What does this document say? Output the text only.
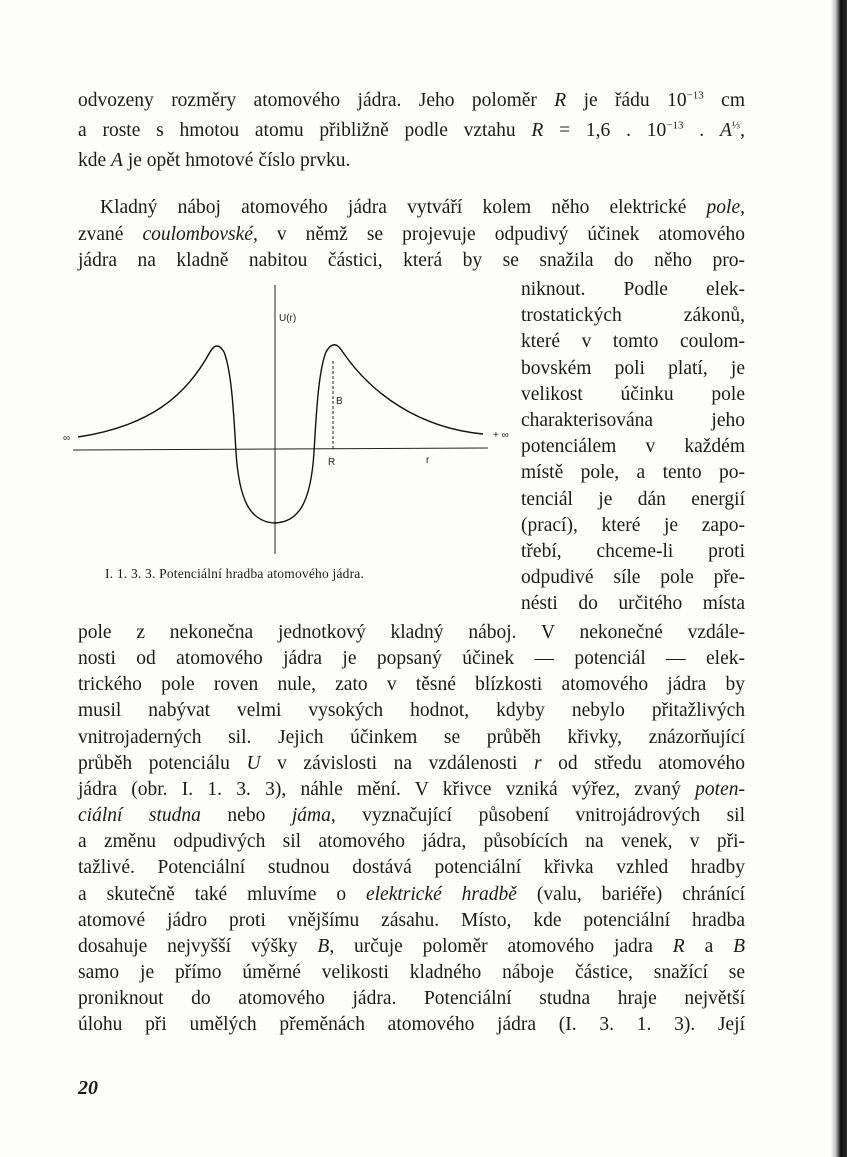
odvozeny rozměry atomového jádra. Jeho poloměr R je řádu $10^{-13}$ cm
a roste s hmotou atomu přibližně podle vztahu R = 1,6 . $10^{-13}$ . $A^{\frac{1}{3}}$,
kde A je opět hmotové číslo prvku.
Kladný náboj atomového jádra vytváří kolem něho elektrické pole,
zvané coulombovské, v němž se projevuje odpudivý účinek atomového
jádra na kladně nabitou částici, která by se snažila do něho pro-
niknout. Podle elek-
trostatických zákonů,
které v tomto coulom-
bovském poli platí, je
velikost účinku pole
charakterisována jeho
potenciálem v každém
místě pole, a tento po-
tenciál je dán energií
(prací), které je zapo-
třebí, chceme-li proti
odpudivé síle pole pře-
nésti do určitého místa
pole z nekonečna jednotkový kladný náboj. V nekonečné vzdále-
nosti od atomového jádra je popsaný účinek — potenciál — elek-
trického pole roven nule, zato v těsné blízkosti atomového jádra by
musil nabývat velmi vysokých hodnot, kdyby nebylo přitažlivých
vnitrojaderných sil. Jejich účinkem se průběh křivky, znázorňující
průběh potenciálu U v závislosti na vzdálenosti r od středu atomového
jádra (obr. I. 1. 3. 3), náhle mění. V křivce vzniká výřez, zvaný poten-
ciální studna nebo jáma, vyznačující působení vnitrojádrových sil
a změnu odpudivých sil atomového jádra, působících na venek, v při-
tažlivé. Potenciální studnou dostává potenciální křivka vzhled hradby
a skutečně také mluvíme o elektrické hradbě (valu, bariéře) chránící
atomové jádro proti vnějšímu zásahu. Místo, kde potenciální hradba
dosahuje nejvyšší výšky B, určuje poloměr atomového jadra R a B
samo je přímo úměrné velikosti kladného náboje částice, snažící se
proniknout do atomového jádra. Potenciální studna hraje největší
úlohu při umělých přeměnách atomového jádra (I. 3. 1. 3). Její
U(r)
B
R	r
∞	+ ∞
I. 1. 3. 3. Potenciální hradba atomového jádra.
20
